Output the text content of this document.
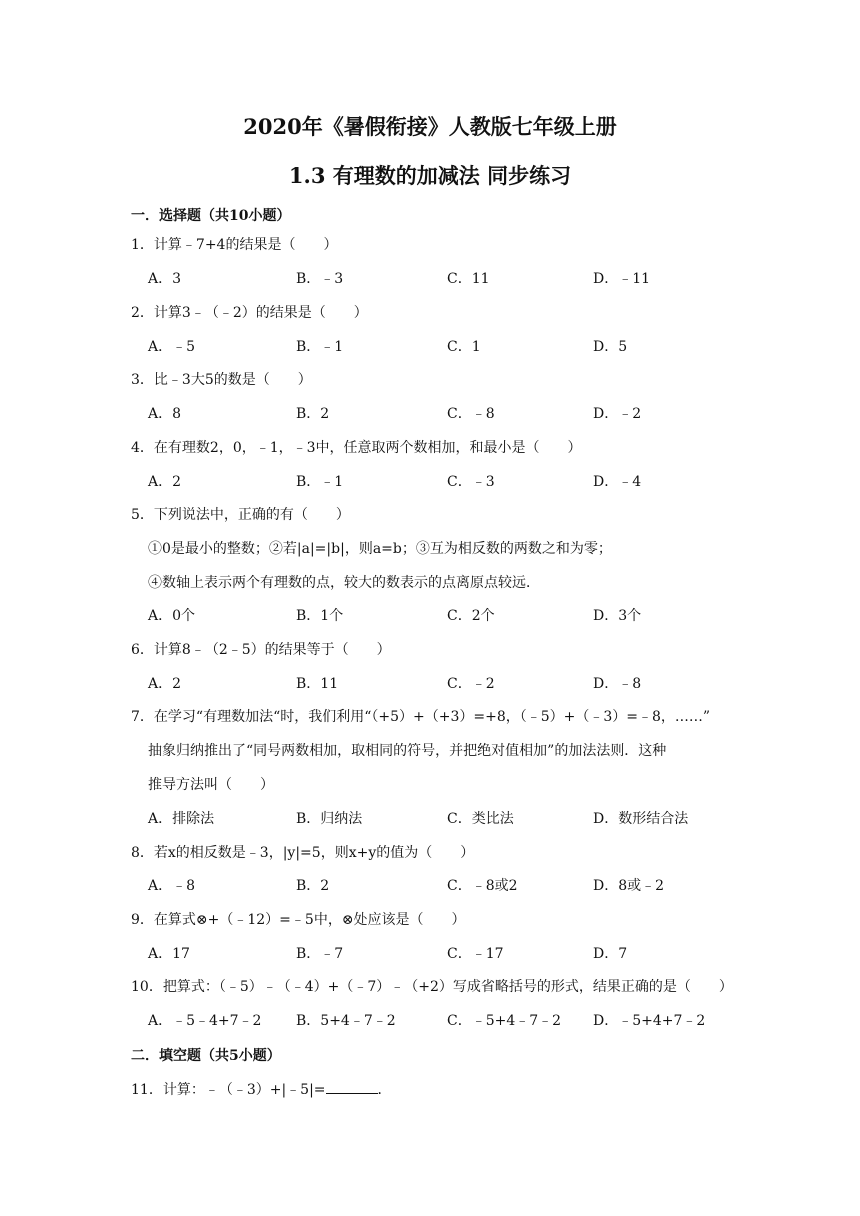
2020年《暑假衔接》人教版七年级上册
1.3 有理数的加减法 同步练习
一．选择题（共10小题）
1．计算﹣7+4的结果是（　　）
A．3	B．﹣3	C．11	D．﹣11
2．计算3﹣（﹣2）的结果是（　　）
A．﹣5	B．﹣1	C．1	D．5
3．比﹣3大5的数是（　　）
A．8	B．2	C．﹣8	D．﹣2
4．在有理数2，0，﹣1，﹣3中，任意取两个数相加，和最小是（　　）
A．2	B．﹣1	C．﹣3	D．﹣4
5．下列说法中，正确的有（　　）
①0是最小的整数；②若|a|=|b|，则a=b；③互为相反数的两数之和为零；
④数轴上表示两个有理数的点，较大的数表示的点离原点较远．
A．0个	B．1个	C．2个	D．3个
6．计算8﹣（2﹣5）的结果等于（　　）
A．2	B．11	C．﹣2	D．﹣8
7．在学习“有理数加法“时，我们利用“（+5）+（+3）=+8，（﹣5）+（﹣3）=﹣8，……”
抽象归纳推出了“同号两数相加，取相同的符号，并把绝对值相加”的加法法则．这种
推导方法叫（　　）
A．排除法	B．归纳法	C．类比法	D．数形结合法
8．若x的相反数是﹣3，|y|=5，则x+y的值为（　　）
A．﹣8	B．2	C．﹣8或2	D．8或﹣2
9．在算式⊗+（﹣12）=﹣5中，⊗处应该是（　　）
A．17	B．﹣7	C．﹣17	D．7
10．把算式：（﹣5）﹣（﹣4）+（﹣7）﹣（+2）写成省略括号的形式，结果正确的是（　　）
A．﹣5﹣4+7﹣2 B．5+4﹣7﹣2	C．﹣5+4﹣7﹣2 D．﹣5+4+7﹣2
二．填空题（共5小题）
11．计算：﹣（﹣3）+|﹣5|=	．
